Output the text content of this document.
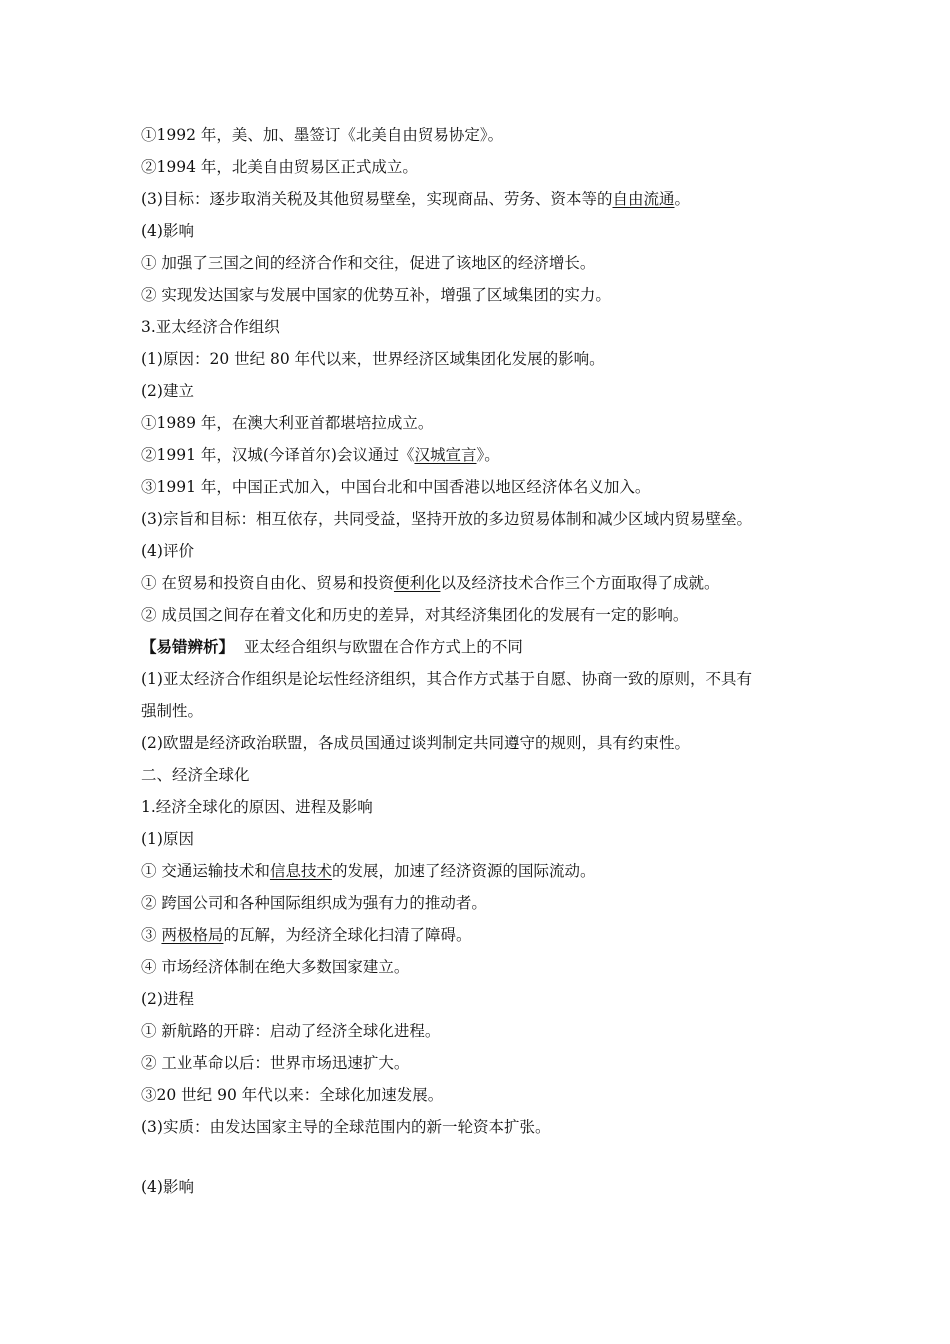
①1992 年，美、加、墨签订《北美自由贸易协定》。
②1994 年，北美自由贸易区正式成立。
(3)目标：逐步取消关税及其他贸易壁垒，实现商品、劳务、资本等的自由流通。
(4)影响
① 加强了三国之间的经济合作和交往，促进了该地区的经济增长。
② 实现发达国家与发展中国家的优势互补，增强了区域集团的实力。
3.亚太经济合作组织
(1)原因：20 世纪 80 年代以来，世界经济区域集团化发展的影响。
(2)建立
①1989 年，在澳大利亚首都堪培拉成立。
②1991 年，汉城(今译首尔)会议通过《汉城宣言》。
③1991 年，中国正式加入，中国台北和中国香港以地区经济体名义加入。
(3)宗旨和目标：相互依存，共同受益，坚持开放的多边贸易体制和减少区域内贸易壁垒。
(4)评价
① 在贸易和投资自由化、贸易和投资便利化以及经济技术合作三个方面取得了成就。
② 成员国之间存在着文化和历史的差异，对其经济集团化的发展有一定的影响。
【易错辨析】  亚太经合组织与欧盟在合作方式上的不同
(1)亚太经济合作组织是论坛性经济组织，其合作方式基于自愿、协商一致的原则，不具有
强制性。
(2)欧盟是经济政治联盟，各成员国通过谈判制定共同遵守的规则，具有约束性。
二、经济全球化
1.经济全球化的原因、进程及影响
(1)原因
① 交通运输技术和信息技术的发展，加速了经济资源的国际流动。
② 跨国公司和各种国际组织成为强有力的推动者。
③ 两极格局的瓦解，为经济全球化扫清了障碍。
④ 市场经济体制在绝大多数国家建立。
(2)进程
① 新航路的开辟：启动了经济全球化进程。
② 工业革命以后：世界市场迅速扩大。
③20 世纪 90 年代以来：全球化加速发展。
(3)实质：由发达国家主导的全球范围内的新一轮资本扩张。
(4)影响
